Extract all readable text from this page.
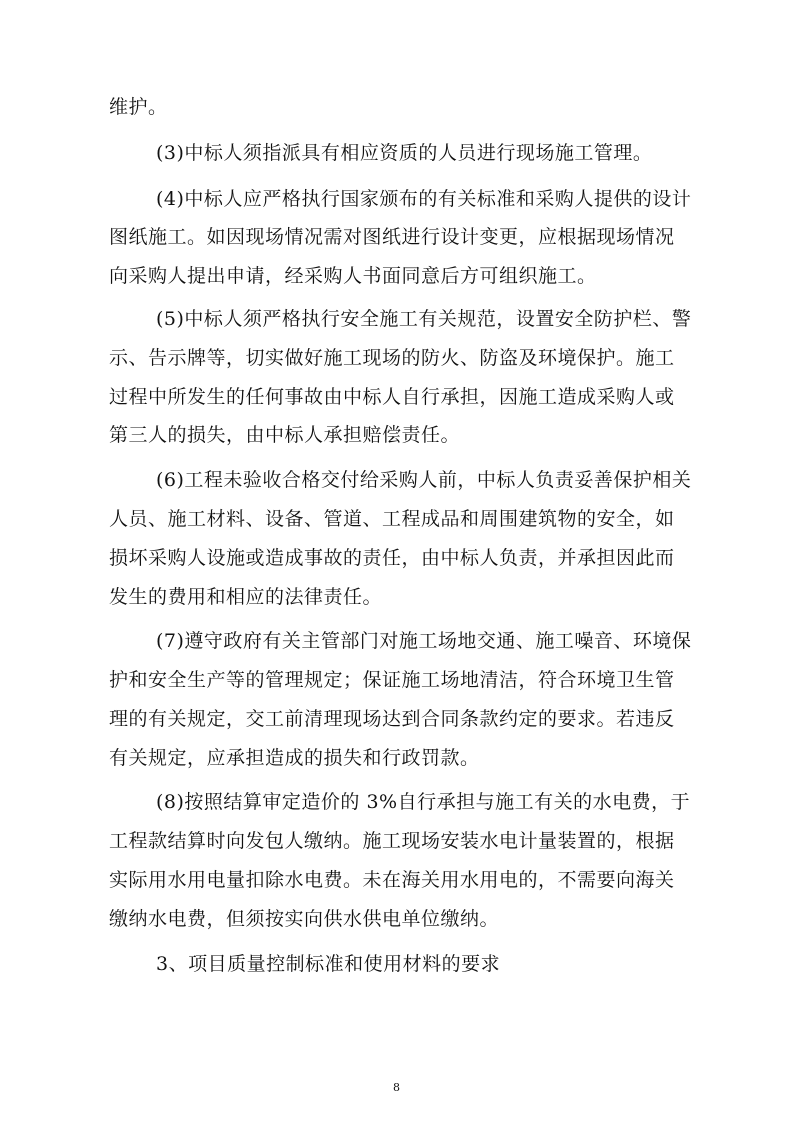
维护。
(3)中标人须指派具有相应资质的人员进行现场施工管理。
(4)中标人应严格执行国家颁布的有关标准和采购人提供的设计
图纸施工。如因现场情况需对图纸进行设计变更，应根据现场情况
向采购人提出申请，经采购人书面同意后方可组织施工。
(5)中标人须严格执行安全施工有关规范，设置安全防护栏、警
示、告示牌等，切实做好施工现场的防火、防盗及环境保护。施工
过程中所发生的任何事故由中标人自行承担，因施工造成采购人或
第三人的损失，由中标人承担赔偿责任。
(6)工程未验收合格交付给采购人前，中标人负责妥善保护相关
人员、施工材料、设备、管道、工程成品和周围建筑物的安全，如
损坏采购人设施或造成事故的责任，由中标人负责，并承担因此而
发生的费用和相应的法律责任。
(7)遵守政府有关主管部门对施工场地交通、施工噪音、环境保
护和安全生产等的管理规定；保证施工场地清洁，符合环境卫生管
理的有关规定，交工前清理现场达到合同条款约定的要求。若违反
有关规定，应承担造成的损失和行政罚款。
(8)按照结算审定造价的 3%自行承担与施工有关的水电费，于
工程款结算时向发包人缴纳。施工现场安装水电计量装置的，根据
实际用水用电量扣除水电费。未在海关用水用电的，不需要向海关
缴纳水电费，但须按实向供水供电单位缴纳。
3、项目质量控制标准和使用材料的要求
8
